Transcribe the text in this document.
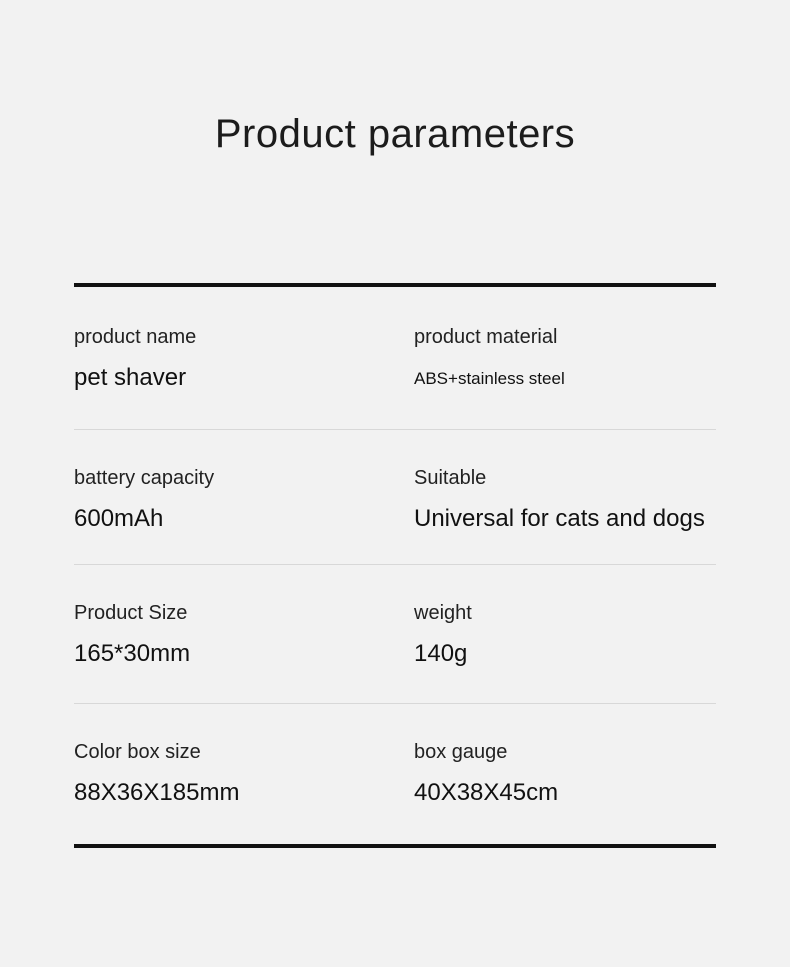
Product parameters
product name
pet shaver
product material
ABS+stainless steel
battery capacity
600mAh
Suitable
Universal for cats and dogs
Product Size
165*30mm
weight
140g
Color box size
88X36X185mm
box gauge
40X38X45cm
